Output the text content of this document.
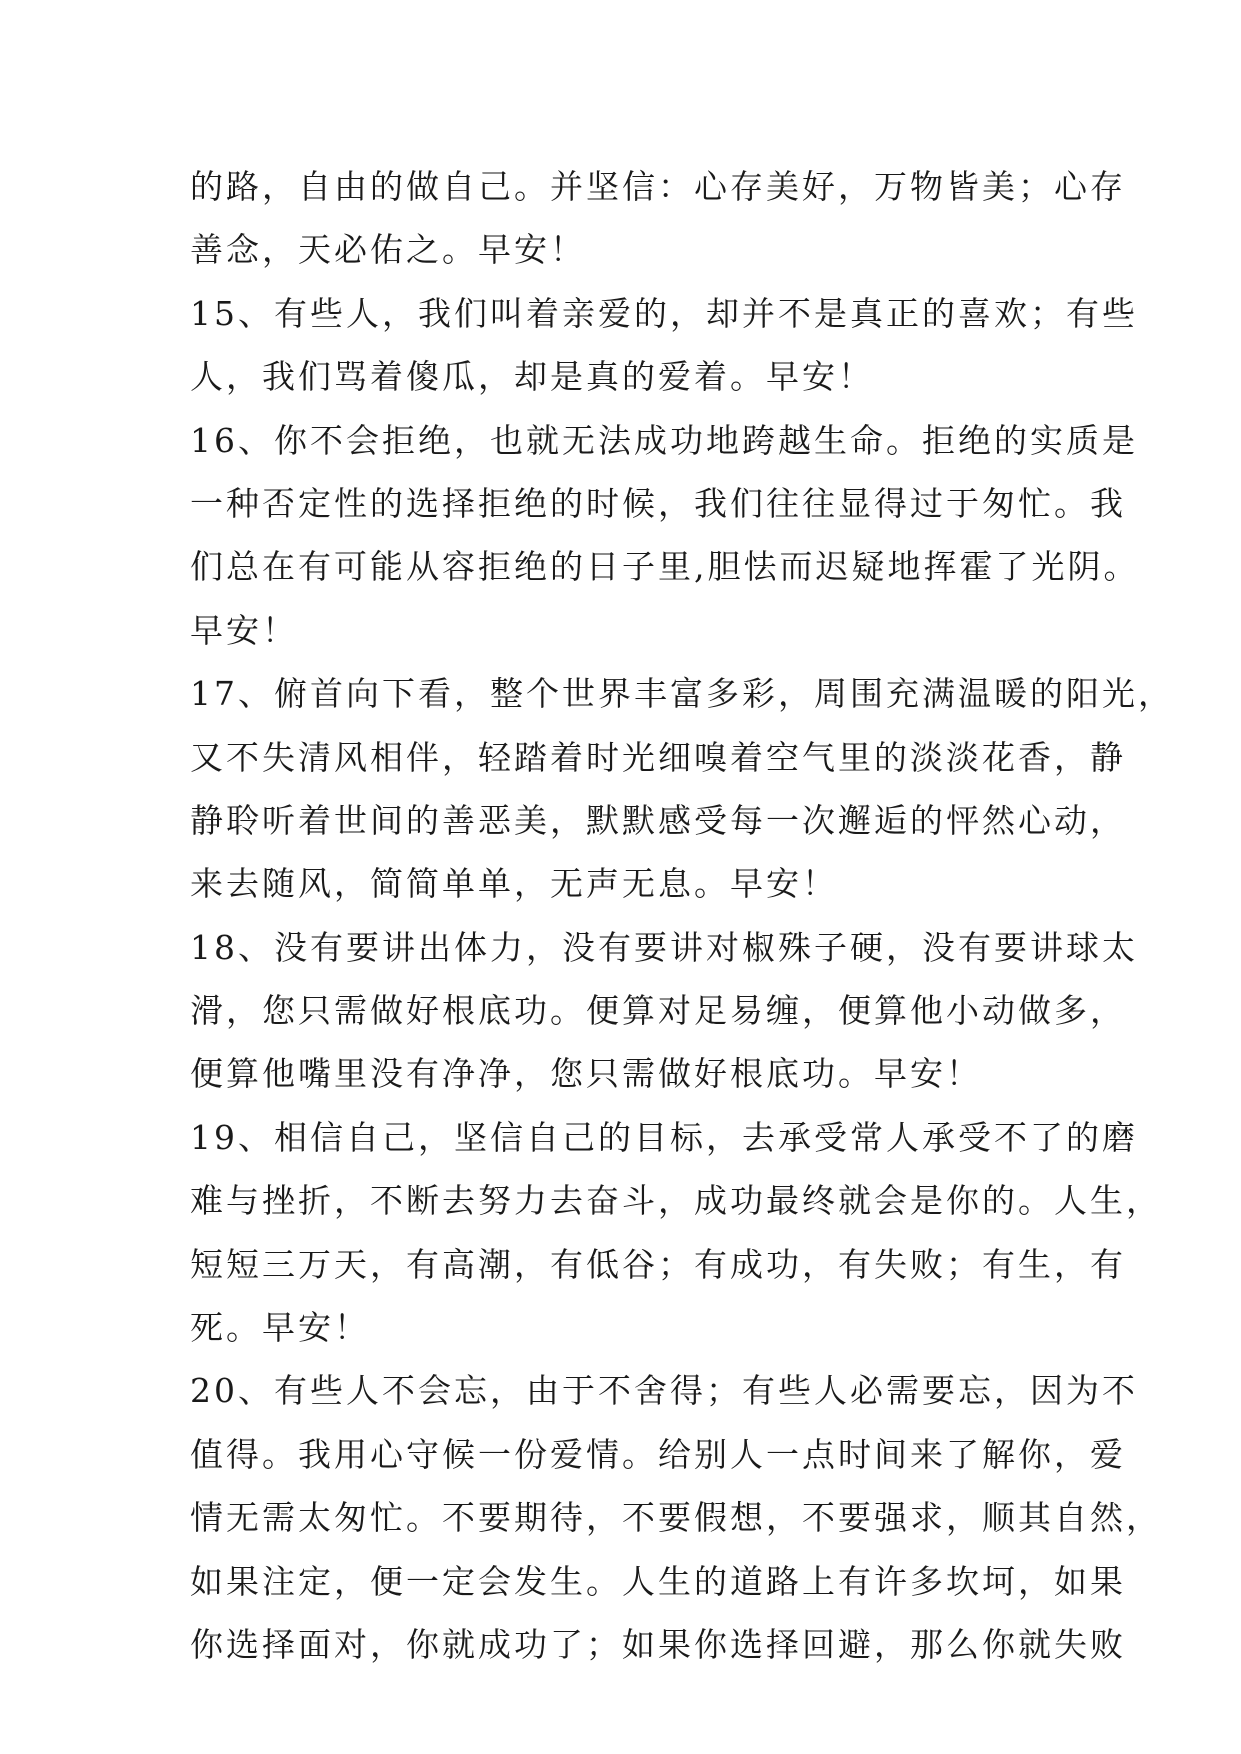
的路，自由的做自己。并坚信：心存美好，万物皆美；心存
善念，天必佑之。早安！
15、有些人，我们叫着亲爱的，却并不是真正的喜欢；有些
人，我们骂着傻瓜，却是真的爱着。早安！
16、你不会拒绝，也就无法成功地跨越生命。拒绝的实质是
一种否定性的选择拒绝的时候，我们往往显得过于匆忙。我
们总在有可能从容拒绝的日子里,胆怯而迟疑地挥霍了光阴。
早安！
17、俯首向下看，整个世界丰富多彩，周围充满温暖的阳光，
又不失清风相伴，轻踏着时光细嗅着空气里的淡淡花香，静
静聆听着世间的善恶美，默默感受每一次邂逅的怦然心动，
来去随风，简简单单，无声无息。早安！
18、没有要讲出体力，没有要讲对椒殊子硬，没有要讲球太
滑，您只需做好根底功。便算对足易缠，便算他小动做多，
便算他嘴里没有净净，您只需做好根底功。早安！
19、相信自己，坚信自己的目标，去承受常人承受不了的磨
难与挫折，不断去努力去奋斗，成功最终就会是你的。人生，
短短三万天，有高潮，有低谷；有成功，有失败；有生，有
死。早安！
20、有些人不会忘，由于不舍得；有些人必需要忘，因为不
值得。我用心守候一份爱情。给别人一点时间来了解你，爱
情无需太匆忙。不要期待，不要假想，不要强求，顺其自然，
如果注定，便一定会发生。人生的道路上有许多坎坷，如果
你选择面对，你就成功了；如果你选择回避，那么你就失败
